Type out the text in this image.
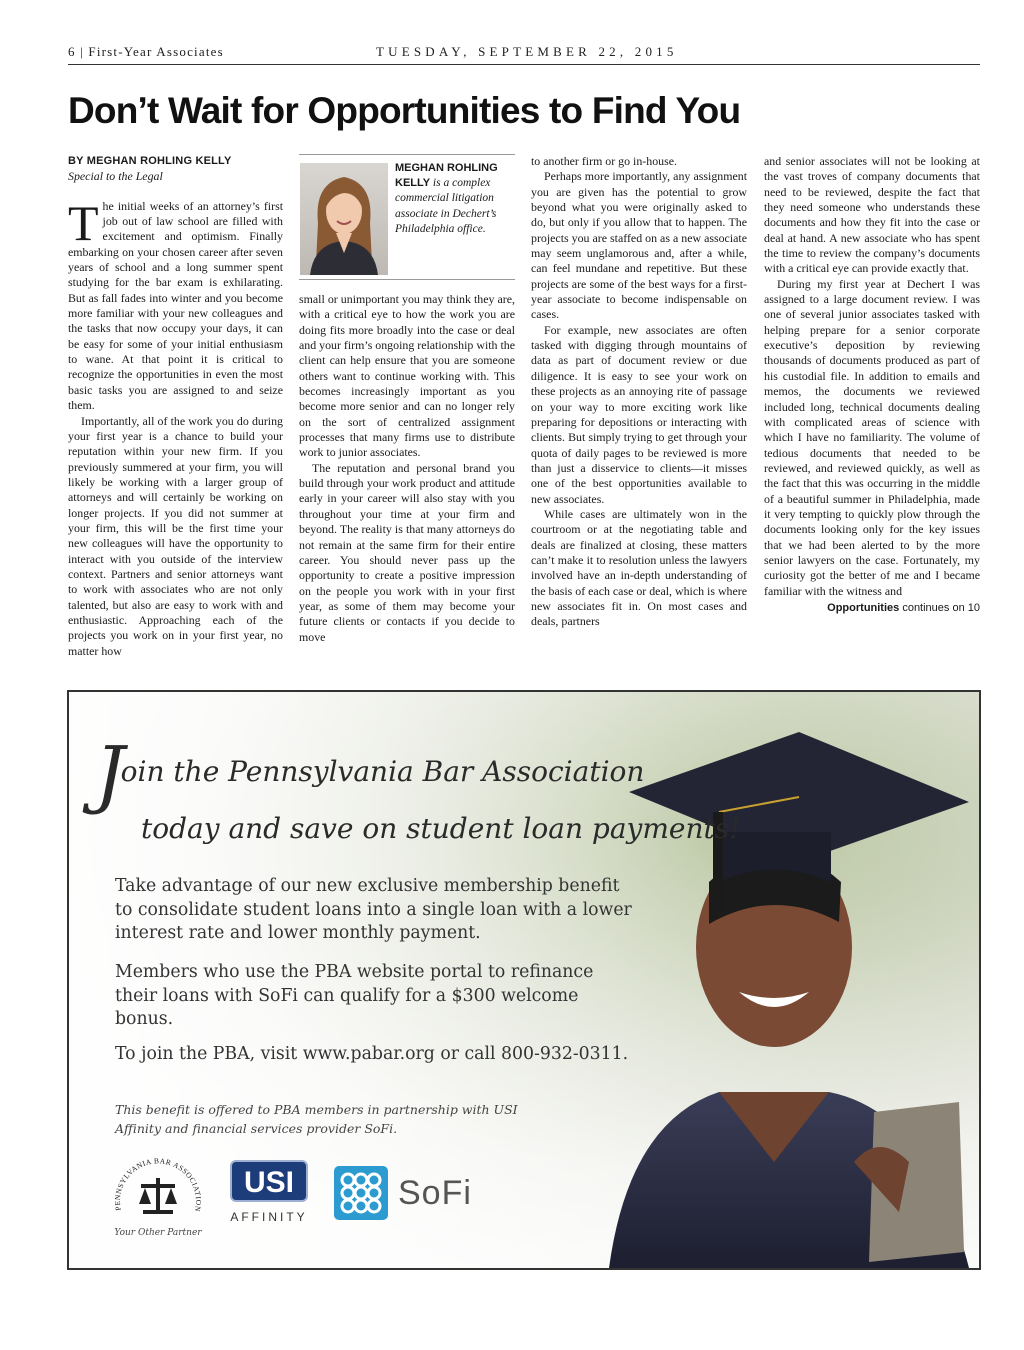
6 | First-Year Associates	TUESDAY, SEPTEMBER 22, 2015
Don’t Wait for Opportunities to Find You

BY MEGHAN ROHLING KELLY

Special to the Legal

The initial weeks of an attorney’s first job out of law school are filled with excitement and optimism. Finally embarking on your chosen career after seven years of school and a long summer spent studying for the bar exam is exhilarating. But as fall fades into winter and you become more familiar with your new colleagues and the tasks that now occupy your days, it can be easy for some of your initial enthusiasm to wane. At that point it is critical to recognize the opportunities in even the most basic tasks you are assigned to and seize them.

Importantly, all of the work you do during your first year is a chance to build your reputation within your new firm. If you previously summered at your firm, you will likely be working with a larger group of attorneys and will certainly be working on longer projects. If you did not summer at your firm, this will be the first time your new colleagues will have the opportunity to interact with you outside of the interview context. Partners and senior attorneys want to work with associates who are not only talented, but also are easy to work with and enthusiastic. Approaching each of the projects you work on in your first year, no matter how

MEGHAN ROHLING KELLY is a complex commercial litigation associate in Dechert’s Philadelphia office.

small or unimportant you may think they are, with a critical eye to how the work you are doing fits more broadly into the case or deal and your firm’s ongoing relationship with the client can help ensure that you are someone others want to continue working with. This becomes increasingly important as you become more senior and can no longer rely on the sort of centralized assignment processes that many firms use to distribute work to junior associates.

The reputation and personal brand you build through your work product and attitude early in your career will also stay with you throughout your time at your firm and beyond. The reality is that many attorneys do not remain at the same firm for their entire career. You should never pass up the opportunity to create a positive impression on the people you work with in your first year, as some of them may become your future clients or contacts if you decide to move

to another firm or go in-house.

Perhaps more importantly, any assignment you are given has the potential to grow beyond what you were originally asked to do, but only if you allow that to happen. The projects you are staffed on as a new associate may seem unglamorous and, after a while, can feel mundane and repetitive. But these projects are some of the best ways for a first-year associate to become indispensable on cases.

For example, new associates are often tasked with digging through mountains of data as part of document review or due diligence. It is easy to see your work on these projects as an annoying rite of passage on your way to more exciting work like preparing for depositions or interacting with clients. But simply trying to get through your quota of daily pages to be reviewed is more than just a disservice to clients—it misses one of the best opportunities available to new associates.

While cases are ultimately won in the courtroom or at the negotiating table and deals are finalized at closing, these matters can’t make it to resolution unless the lawyers involved have an in-depth understanding of the basis of each case or deal, which is where new associates fit in. On most cases and deals, partners

and senior associates will not be looking at the vast troves of company documents that need to be reviewed, despite the fact that they need someone who understands these documents and how they fit into the case or deal at hand. A new associate who has spent the time to review the company’s documents with a critical eye can provide exactly that.

During my first year at Dechert I was assigned to a large document review. I was one of several junior associates tasked with helping prepare for a senior corporate executive’s deposition by reviewing thousands of documents produced as part of his custodial file. In addition to emails and memos, the documents we reviewed included long, technical documents dealing with complicated areas of science with which I have no familiarity. The volume of tedious documents that needed to be reviewed, and reviewed quickly, as well as the fact that this was occurring in the middle of a beautiful summer in Philadelphia, made it very tempting to quickly plow through the documents looking only for the key issues that we had been alerted to by the more senior lawyers on the case. Fortunately, my curiosity got the better of me and I became familiar with the witness and

Opportunities continues on 10
Join the Pennsylvania Bar Association
today and save on student loan payments!
Take advantage of our new exclusive membership benefit to consolidate student loans into a single loan with a lower interest rate and lower monthly payment.
Members who use the PBA website portal to refinance their loans with SoFi can qualify for a $300 welcome bonus.
To join the PBA, visit www.pabar.org or call 800-932-0311.
This benefit is offered to PBA members in partnership with USI Affinity and financial services provider SoFi.
PENNSYLVANIA BAR ASSOCIATION
Your Other Partner
USI
AFFINITY
SoFi
